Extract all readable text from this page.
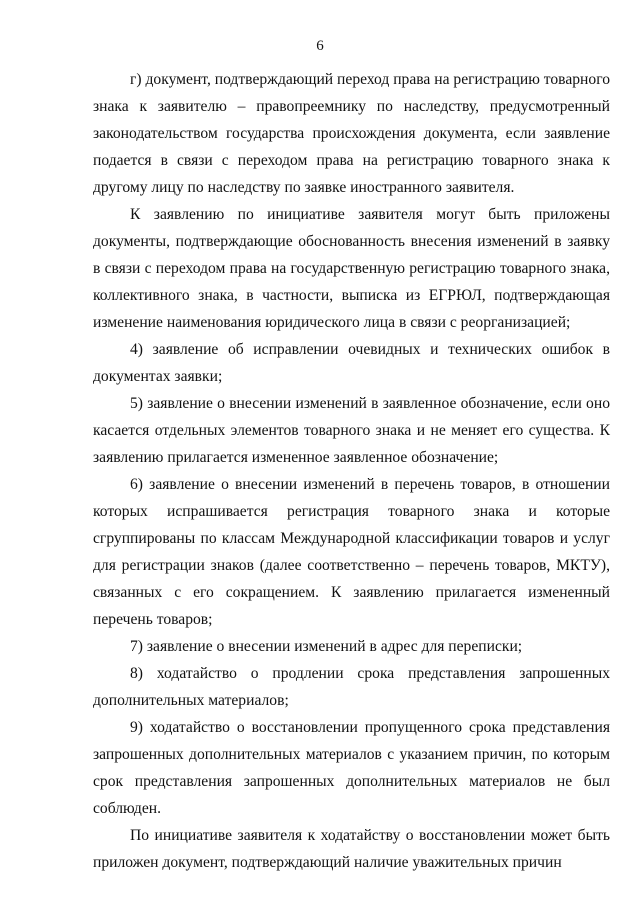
6

г) документ, подтверждающий переход права на регистрацию товарного знака к заявителю – правопреемнику по наследству, предусмотренный законодательством государства происхождения документа, если заявление подается в связи с переходом права на регистрацию товарного знака к другому лицу по наследству по заявке иностранного заявителя.

К заявлению по инициативе заявителя могут быть приложены документы, подтверждающие обоснованность внесения изменений в заявку в связи с переходом права на государственную регистрацию товарного знака, коллективного знака, в частности, выписка из ЕГРЮЛ, подтверждающая изменение наименования юридического лица в связи с реорганизацией;

4) заявление об исправлении очевидных и технических ошибок в документах заявки;

5) заявление о внесении изменений в заявленное обозначение, если оно касается отдельных элементов товарного знака и не меняет его существа. К заявлению прилагается измененное заявленное обозначение;

6) заявление о внесении изменений в перечень товаров, в отношении которых испрашивается регистрация товарного знака и которые сгруппированы по классам Международной классификации товаров и услуг для регистрации знаков (далее соответственно – перечень товаров, МКТУ), связанных с его сокращением. К заявлению прилагается измененный перечень товаров;

7) заявление о внесении изменений в адрес для переписки;

8) ходатайство о продлении срока представления запрошенных дополнительных материалов;

9) ходатайство о восстановлении пропущенного срока представления запрошенных дополнительных материалов с указанием причин, по которым срок представления запрошенных дополнительных материалов не был соблюден.

По инициативе заявителя к ходатайству о восстановлении может быть приложен документ, подтверждающий наличие уважительных причин
